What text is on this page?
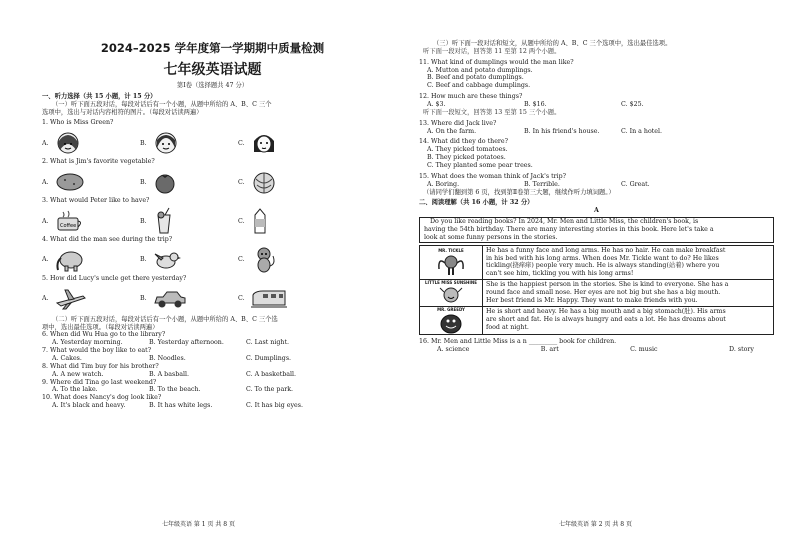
2024–2025 学年度第一学期期中质量检测
七年级英语试题
第Ⅰ卷（选择题共 47 分）
一、听力选择（共 15 小题，计 15 分）
（一）听下面五段对话，每段对话后有一个小题，从题中所给的 A、B、C 三个
选项中，选出与对话内容相符的图片。（每段对话读两遍）
1. Who is Miss Green?
A.	B.	C.
2. What is Jim's favorite vegetable?
A.	B.	C.
3. What would Peter like to have?
A.
Coffee
B.	C.
4. What did the man see during the trip?
A.	B.	C.
5. How did Lucy's uncle get there yesterday?
A.	B.	C.
（二）听下面五段对话，每段对话后有一个小题，从题中所给的 A、B、C 三个选
项中，选出最佳选项。（每段对话读两遍）
6. When did Wu Hua go to the library?
A. Yesterday morning.	B. Yesterday afternoon.	C. Last night.
7. What would the boy like to eat?
A. Cakes.	B. Noodles.	C. Dumplings.
8. What did Tim buy for his brother?
A. A new watch.	B. A basball.	C. A basketball.
9. Where did Tina go last weekend?
A. To the lake.	B. To the beach.	C. To the park.
10. What does Nancy's dog look like?
A. It's black and heavy.	B. It has white legs.	C. It has big eyes.
七年级英语 第 1 页 共 8 页
（三）听下面一段对话和短文，从题中所给的 A、B、C 三个选项中，选出最佳选项。
听下面一段对话，回答第 11 至第 12 两个小题。
11. What kind of dumplings would the man like?
A. Mutton and potato dumplings.
B. Beef and potato dumplings.
C. Beef and cabbage dumplings.
12. How much are these things?
A. $3.	B. $16.	C. $25.
听下面一段短文，回答第 13 至第 15 三个小题。
13. Where did Jack live?
A. On the farm.	B. In his friend's house.	C. In a hotel.
14. What did they do there?
A. They picked tomatoes.
B. They picked potatoes.
C. They planted some pear trees.
15. What does the woman think of Jack's trip?
A. Boring.	B. Terrible.	C. Great.
（请同学们翻到第 6 页，找到第Ⅱ卷第三大题，继续作听力填词题。）
二、阅读理解（共 16 小题，计 32 分）
A
Do you like reading books? In 2024, Mr. Men and Little Miss, the children's book, is
having the 54th birthday. There are many interesting stories in this book. Here let's take a
look at some funny persons in the stories.
MR. TICKLE	He has a funny face and long arms. He has no hair. He can make breakfast
in his bed with his long arms. When does Mr. Tickle want to do? He likes
tickling(挠痒痒) people very much. He is always standing(站着) where you
can't see him, tickling you with his long arms!
LITTLE MISS SUNSHINE She is the happiest person in the stories. She is kind to everyone. She has a
round face and small nose. Her eyes are not big but she has a big mouth.
Her best friend is Mr. Happy. They want to make friends with you.
MR. GREEDY	He is short and heavy. He has a big mouth and a big stomach(肚). His arms
are short and fat. He is always hungry and eats a lot. He has dreams about
food at night.
16. Mr. Men and Little Miss is a n _________ book for children.
A. science	B. art	C. music	D. story
七年级英语 第 2 页 共 8 页
